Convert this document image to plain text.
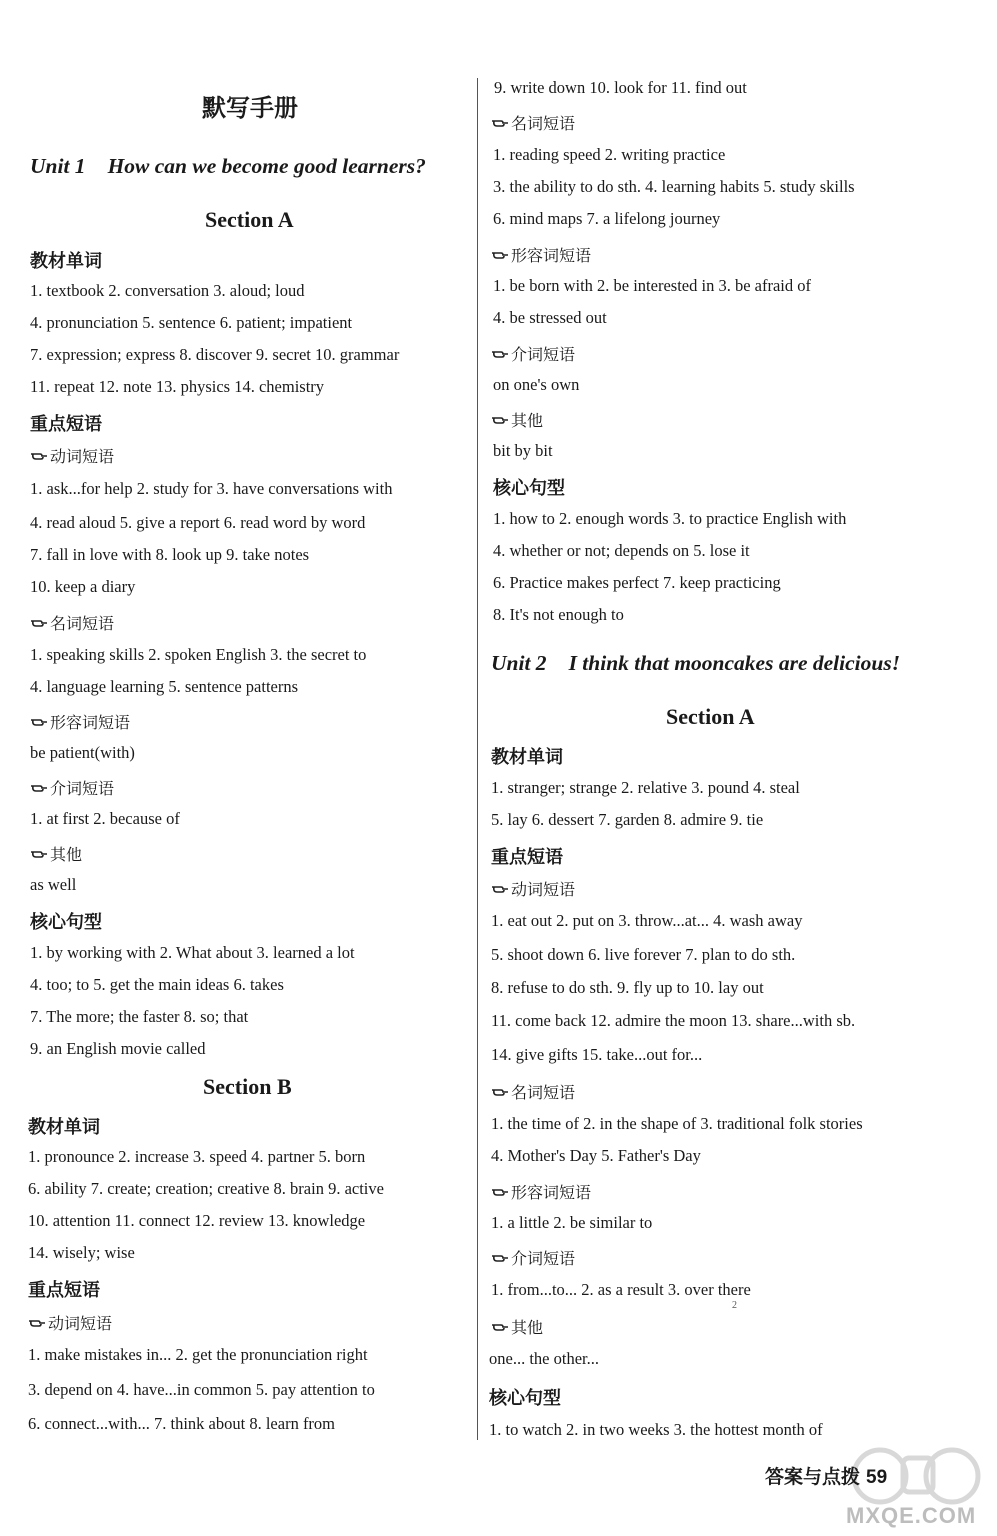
默写手册
Unit 1 How can we become good learners?
Section A
教材单词
1. textbook 2. conversation 3. aloud; loud
4. pronunciation 5. sentence 6. patient; impatient
7. expression; express 8. discover 9. secret 10. grammar
11. repeat 12. note 13. physics 14. chemistry
重点短语
动词短语
1. ask...for help 2. study for 3. have conversations with
4. read aloud 5. give a report 6. read word by word
7. fall in love with 8. look up 9. take notes
10. keep a diary
名词短语
1. speaking skills 2. spoken English 3. the secret to
4. language learning 5. sentence patterns
形容词短语
be patient(with)
介词短语
1. at first 2. because of
其他
as well
核心句型
1. by working with 2. What about 3. learned a lot
4. too; to 5. get the main ideas 6. takes
7. The more; the faster 8. so; that
9. an English movie called
Section B
教材单词
1. pronounce 2. increase 3. speed 4. partner 5. born
6. ability 7. create; creation; creative 8. brain 9. active
10. attention 11. connect 12. review 13. knowledge
14. wisely; wise
重点短语
动词短语
1. make mistakes in... 2. get the pronunciation right
3. depend on 4. have...in common 5. pay attention to
6. connect...with... 7. think about 8. learn from
9. write down 10. look for 11. find out
名词短语
1. reading speed 2. writing practice
3. the ability to do sth. 4. learning habits 5. study skills
6. mind maps 7. a lifelong journey
形容词短语
1. be born with 2. be interested in 3. be afraid of
4. be stressed out
介词短语
on one's own
其他
bit by bit
核心句型
1. how to 2. enough words 3. to practice English with
4. whether or not; depends on 5. lose it
6. Practice makes perfect 7. keep practicing
8. It's not enough to
Unit 2 I think that mooncakes are delicious!
Section A
教材单词
1. stranger; strange 2. relative 3. pound 4. steal
5. lay 6. dessert 7. garden 8. admire 9. tie
重点短语
动词短语
1. eat out 2. put on 3. throw...at... 4. wash away
5. shoot down 6. live forever 7. plan to do sth.
8. refuse to do sth. 9. fly up to 10. lay out
11. come back 12. admire the moon 13. share...with sb.
14. give gifts 15. take...out for...
名词短语
1. the time of 2. in the shape of 3. traditional folk stories
4. Mother's Day 5. Father's Day
形容词短语
1. a little 2. be similar to
介词短语
1. from...to... 2. as a result 3. over there
其他
one... the other...
核心句型
1. to watch 2. in two weeks 3. the hottest month of
2
MXQE.COM
答案与点拨 59
